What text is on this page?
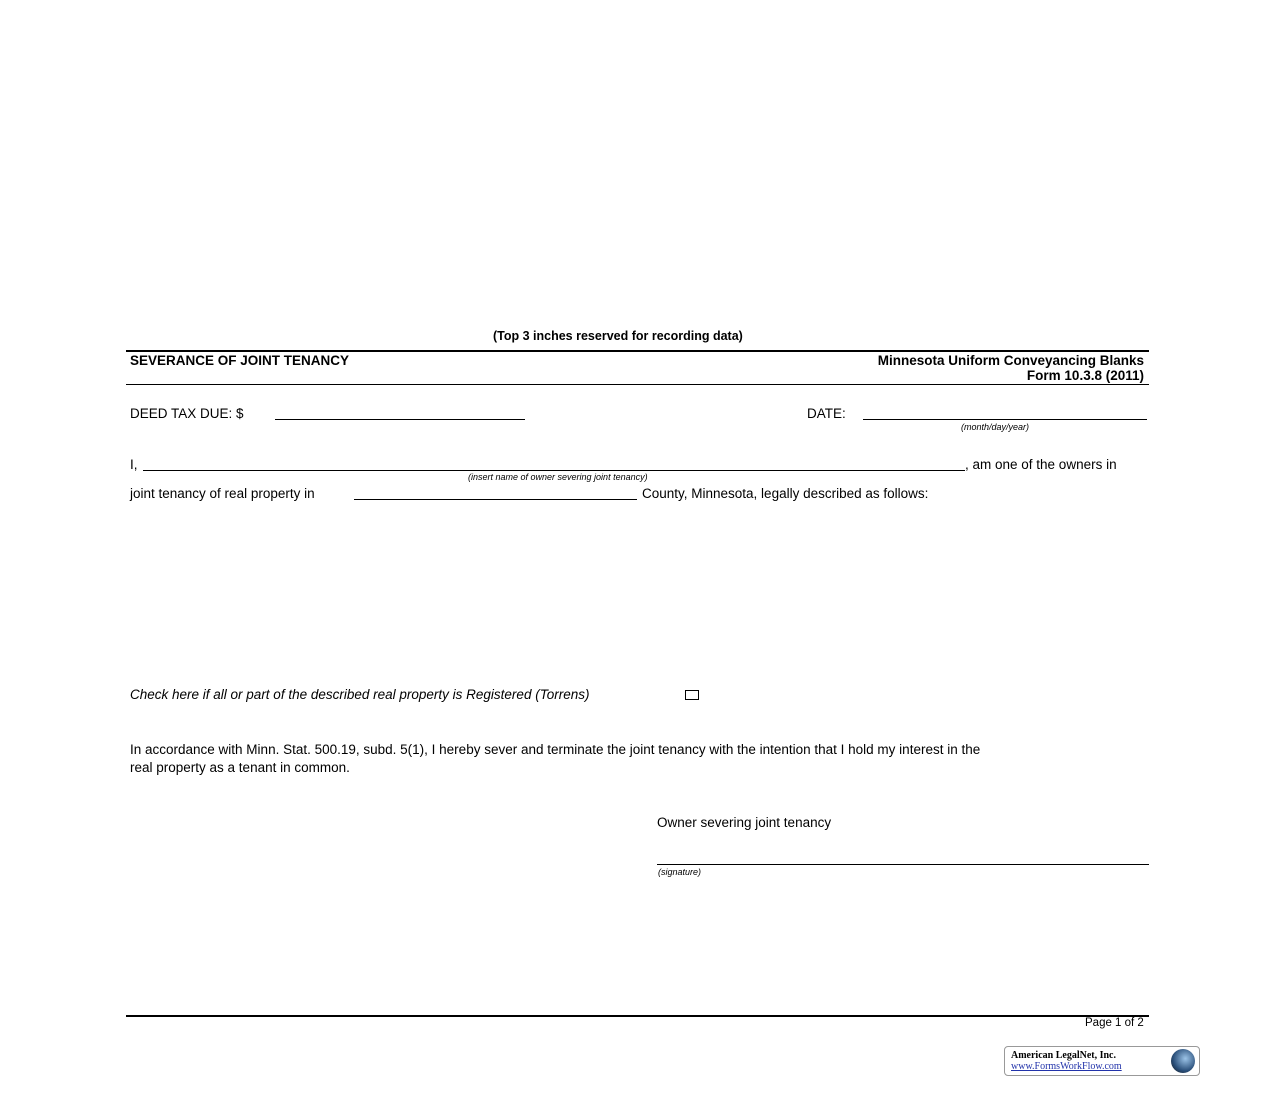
(Top 3 inches reserved for recording data)
SEVERANCE OF JOINT TENANCY	Minnesota Uniform Conveyancing Blanks
Form 10.3.8 (2011)
DEED TAX DUE: $	DATE:
(month/day/year)
I,	, am one of the owners in
(insert name of owner severing joint tenancy)
joint tenancy of real property in	County, Minnesota, legally described as follows:
Check here if all or part of the described real property is Registered (Torrens)
In accordance with Minn. Stat. 500.19, subd. 5(1), I hereby sever and terminate the joint tenancy with the intention that I hold my interest in the
real property as a tenant in common.
Owner severing joint tenancy
(signature)
Page 1 of 2
American LegalNet, Inc.
www.FormsWorkFlow.com
